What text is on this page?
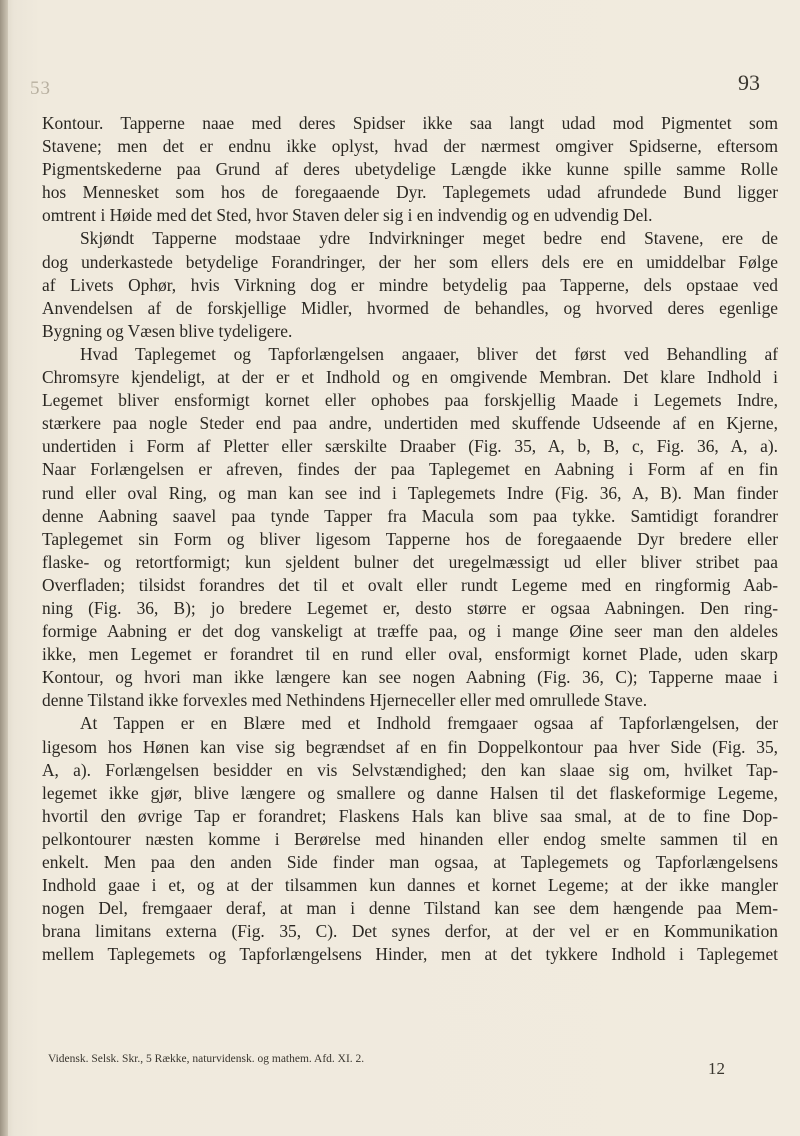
53	93
Kontour. Tapperne naae med deres Spidser ikke saa langt udad mod Pigmentet som
Stavene; men det er endnu ikke oplyst, hvad der nærmest omgiver Spidserne, eftersom
Pigmentskederne paa Grund af deres ubetydelige Længde ikke kunne spille samme Rolle
hos Mennesket som hos de foregaaende Dyr. Taplegemets udad afrundede Bund ligger
omtrent i Høide med det Sted, hvor Staven deler sig i en indvendig og en udvendig Del.
Skjøndt Tapperne modstaae ydre Indvirkninger meget bedre end Stavene, ere de
dog underkastede betydelige Forandringer, der her som ellers dels ere en umiddelbar Følge
af Livets Ophør, hvis Virkning dog er mindre betydelig paa Tapperne, dels opstaae ved
Anvendelsen af de forskjellige Midler, hvormed de behandles, og hvorved deres egenlige
Bygning og Væsen blive tydeligere.
Hvad Taplegemet og Tapforlængelsen angaaer, bliver det først ved Behandling af
Chromsyre kjendeligt, at der er et Indhold og en omgivende Membran. Det klare Indhold i
Legemet bliver ensformigt kornet eller ophobes paa forskjellig Maade i Legemets Indre,
stærkere paa nogle Steder end paa andre, undertiden med skuffende Udseende af en Kjerne,
undertiden i Form af Pletter eller særskilte Draaber (Fig. 35, A, b, B, c, Fig. 36, A, a).
Naar Forlængelsen er afreven, findes der paa Taplegemet en Aabning i Form af en fin
rund eller oval Ring, og man kan see ind i Taplegemets Indre (Fig. 36, A, B). Man finder
denne Aabning saavel paa tynde Tapper fra Macula som paa tykke. Samtidigt forandrer
Taplegemet sin Form og bliver ligesom Tapperne hos de foregaaende Dyr bredere eller
flaske- og retortformigt; kun sjeldent bulner det uregelmæssigt ud eller bliver stribet paa
Overfladen; tilsidst forandres det til et ovalt eller rundt Legeme med en ringformig Aab-
ning (Fig. 36, B); jo bredere Legemet er, desto større er ogsaa Aabningen. Den ring-
formige Aabning er det dog vanskeligt at træffe paa, og i mange Øine seer man den aldeles
ikke, men Legemet er forandret til en rund eller oval, ensformigt kornet Plade, uden skarp
Kontour, og hvori man ikke længere kan see nogen Aabning (Fig. 36, C); Tapperne maae i
denne Tilstand ikke forvexles med Nethindens Hjerneceller eller med omrullede Stave.
At Tappen er en Blære med et Indhold fremgaaer ogsaa af Tapforlængelsen, der
ligesom hos Hønen kan vise sig begrændset af en fin Doppelkontour paa hver Side (Fig. 35,
A, a). Forlængelsen besidder en vis Selvstændighed; den kan slaae sig om, hvilket Tap-
legemet ikke gjør, blive længere og smallere og danne Halsen til det flaskeformige Legeme,
hvortil den øvrige Tap er forandret; Flaskens Hals kan blive saa smal, at de to fine Dop-
pelkontourer næsten komme i Berørelse med hinanden eller endog smelte sammen til en
enkelt. Men paa den anden Side finder man ogsaa, at Taplegemets og Tapforlængelsens
Indhold gaae i et, og at der tilsammen kun dannes et kornet Legeme; at der ikke mangler
nogen Del, fremgaaer deraf, at man i denne Tilstand kan see dem hængende paa Mem-
brana limitans externa (Fig. 35, C). Det synes derfor, at der vel er en Kommunikation
mellem Taplegemets og Tapforlængelsens Hinder, men at det tykkere Indhold i Taplegemet
Vidensk. Selsk. Skr., 5 Række, naturvidensk. og mathem. Afd. XI. 2.	12
